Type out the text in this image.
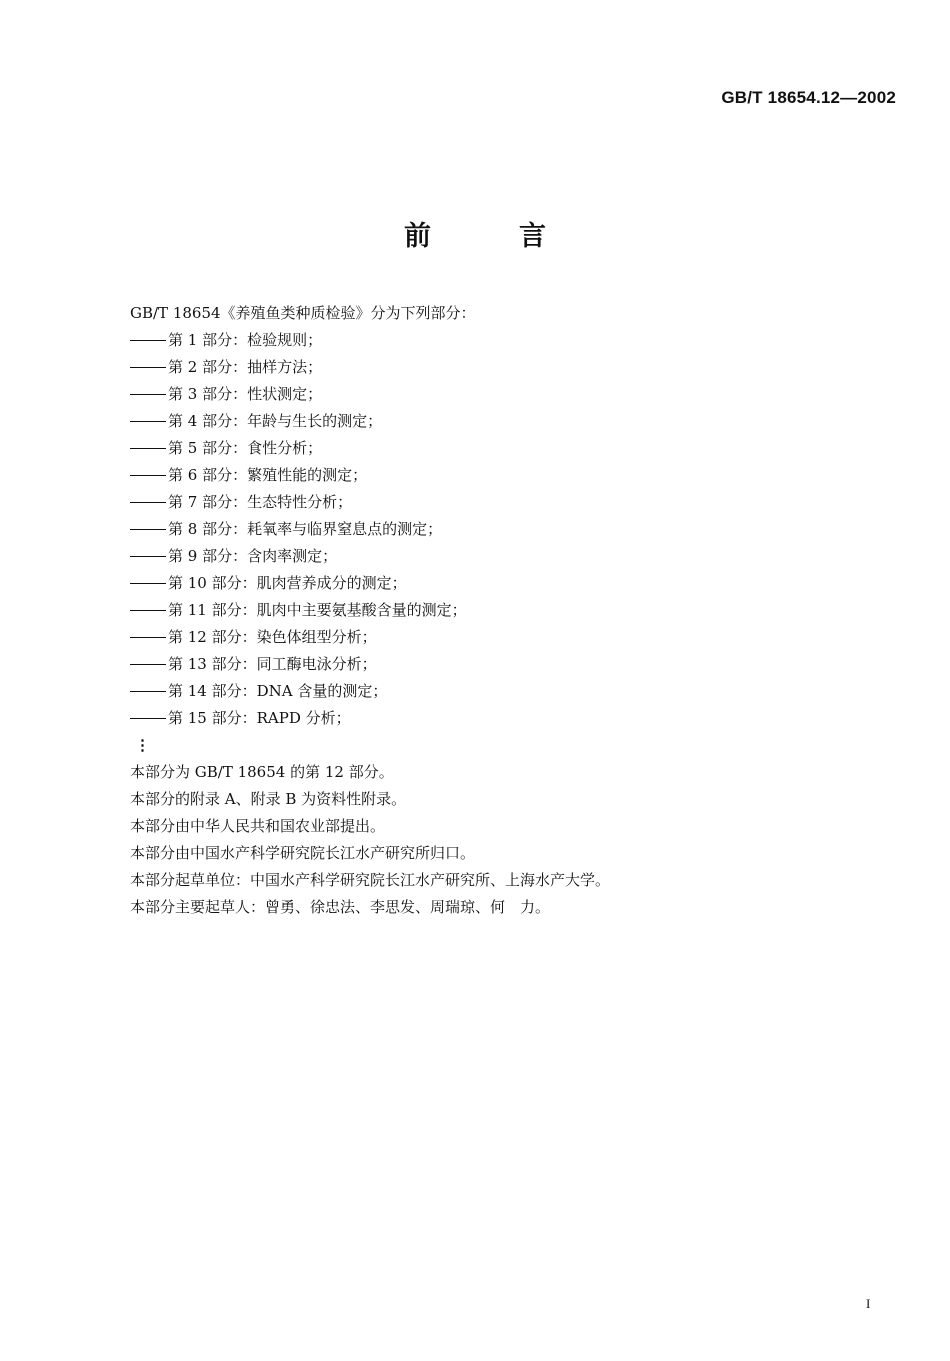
GB/T 18654.12—2002
前	言
GB/T 18654《养殖鱼类种质检验》分为下列部分：
第 1 部分：检验规则；
第 2 部分：抽样方法；
第 3 部分：性状测定；
第 4 部分：年龄与生长的测定；
第 5 部分：食性分析；
第 6 部分：繁殖性能的测定；
第 7 部分：生态特性分析；
第 8 部分：耗氧率与临界窒息点的测定；
第 9 部分：含肉率测定；
第 10 部分：肌肉营养成分的测定；
第 11 部分：肌肉中主要氨基酸含量的测定；
第 12 部分：染色体组型分析；
第 13 部分：同工酶电泳分析；
第 14 部分：DNA 含量的测定；
第 15 部分：RAPD 分析；
⋮
本部分为 GB/T 18654 的第 12 部分。
本部分的附录 A、附录 B 为资料性附录。
本部分由中华人民共和国农业部提出。
本部分由中国水产科学研究院长江水产研究所归口。
本部分起草单位：中国水产科学研究院长江水产研究所、上海水产大学。
本部分主要起草人：曾勇、徐忠法、李思发、周瑞琼、何　力。
I
